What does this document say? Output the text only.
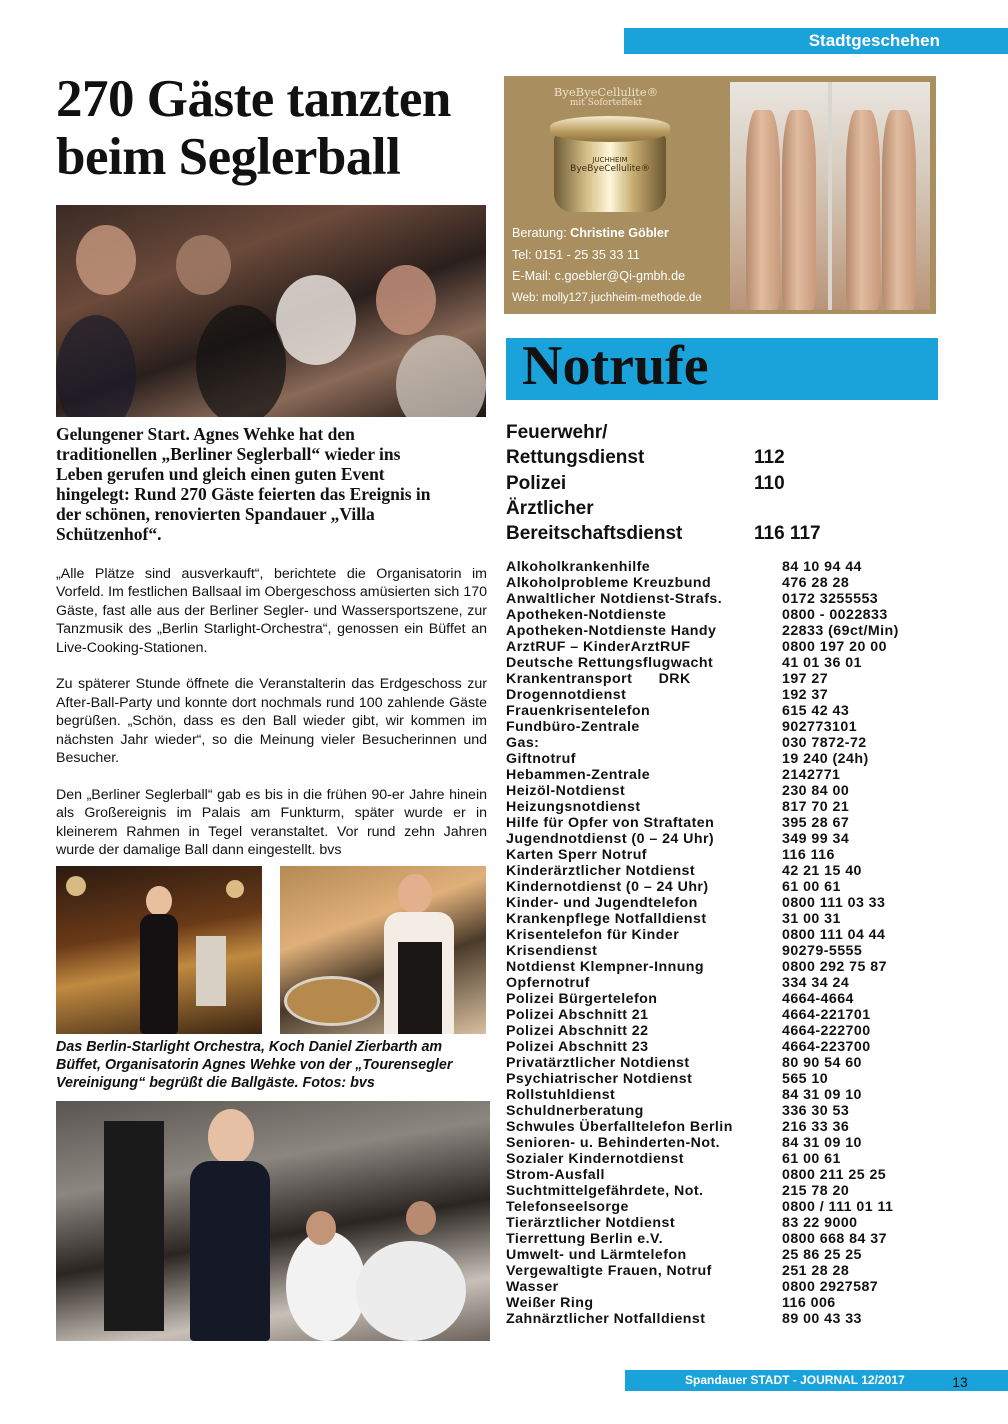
Stadtgeschehen
270 Gäste tanzten
beim Seglerball

Gelungener Start. Agnes Wehke hat den traditionellen „Berliner Seglerball“ wieder ins Leben gerufen und gleich einen guten Event hingelegt: Rund 270 Gäste feierten das Ereignis in der schönen, renovierten Spandauer „Villa Schützenhof“.

„Alle Plätze sind ausverkauft“, berichtete die Organisatorin im Vorfeld. Im festlichen Ballsaal im Obergeschoss amüsierten sich 170 Gäste, fast alle aus der Berliner Segler- und Wassersportszene, zur Tanzmusik des „Berlin Starlight-Orchestra“, genossen ein Büffet an Live-Cooking-Stationen.

Zu späterer Stunde öffnete die Veranstalterin das Erdgeschoss zur After-Ball-Party und konnte dort nochmals rund 100 zahlende Gäste begrüßen. „Schön, dass es den Ball wieder gibt, wir kommen im nächsten Jahr wieder“, so die Meinung vieler Besucherinnen und Besucher.

Den „Berliner Seglerball“ gab es bis in die frühen 90-er Jahre hinein als Großereignis im Palais am Funkturm, später wurde er in kleinerem Rahmen in Tegel veranstaltet. Vor rund zehn Jahren wurde der damalige Ball dann eingestellt. bvs

Das Berlin-Starlight Orchestra, Koch Daniel Zierbarth am Büffet, Organisatorin Agnes Wehke von der „Tourensegler Vereinigung“ begrüßt die Ballgäste. Fotos: bvs

ByeByeCellulite®
mit Soforteffekt
JUCHHEIM
ByeByeCellulite®
Beratung: Christine Göbler
Tel: 0151 - 25 35 33 11
E-Mail: c.goebler@Qi-gmbh.de
Web: molly127.juchheim-methode.de
Notrufe
Feuerwehr/
Rettungsdienst	112
Polizei	110
Ärztlicher
Bereitschaftsdienst	116 117
Alkoholkrankenhilfe	84 10 94 44
Alkoholprobleme Kreuzbund	476 28 28
Anwaltlicher Notdienst-Strafs.	0172 3255553
Apotheken-Notdienste	0800 - 0022833
Apotheken-Notdienste Handy	22833 (69ct/Min)
ArztRUF – KinderArztRUF	0800 197 20 00
Deutsche Rettungsflugwacht	41 01 36 01
Krankentransport      DRK	197 27
Drogennotdienst	192 37
Frauenkrisentelefon	615 42 43
Fundbüro-Zentrale	902773101
Gas:	030 7872-72
Giftnotruf	19 240 (24h)
Hebammen-Zentrale	2142771
Heizöl-Notdienst	230 84 00
Heizungsnotdienst	817 70 21
Hilfe für Opfer von Straftaten	395 28 67
Jugendnotdienst (0 – 24 Uhr)	349 99 34
Karten Sperr Notruf	116 116
Kinderärztlicher Notdienst	42 21 15 40
Kindernotdienst (0 – 24 Uhr)	61 00 61
Kinder- und Jugendtelefon	0800 111 03 33
Krankenpflege Notfalldienst	31 00 31
Krisentelefon für Kinder	0800 111 04 44
Krisendienst	90279-5555
Notdienst Klempner-Innung	0800 292 75 87
Opfernotruf	334 34 24
Polizei Bürgertelefon	4664-4664
Polizei Abschnitt 21	4664-221701
Polizei Abschnitt 22	4664-222700
Polizei Abschnitt 23	4664-223700
Privatärztlicher Notdienst	80 90 54 60
Psychiatrischer Notdienst	565 10
Rollstuhldienst	84 31 09 10
Schuldnerberatung	336 30 53
Schwules Überfalltelefon Berlin	216 33 36
Senioren- u. Behinderten-Not.	84 31 09 10
Sozialer Kindernotdienst	61 00 61
Strom-Ausfall	0800 211 25 25
Suchtmittelgefährdete, Not.	215 78 20
Telefonseelsorge	0800 / 111 01 11
Tierärztlicher Notdienst	83 22 9000
Tierrettung Berlin e.V.	0800 668 84 37
Umwelt- und Lärmtelefon	25 86 25 25
Vergewaltigte Frauen, Notruf	251 28 28
Wasser	0800 2927587
Weißer Ring	116 006
Zahnärztlicher Notfalldienst	89 00 43 33
Spandauer STADT - JOURNAL 12/2017	13
